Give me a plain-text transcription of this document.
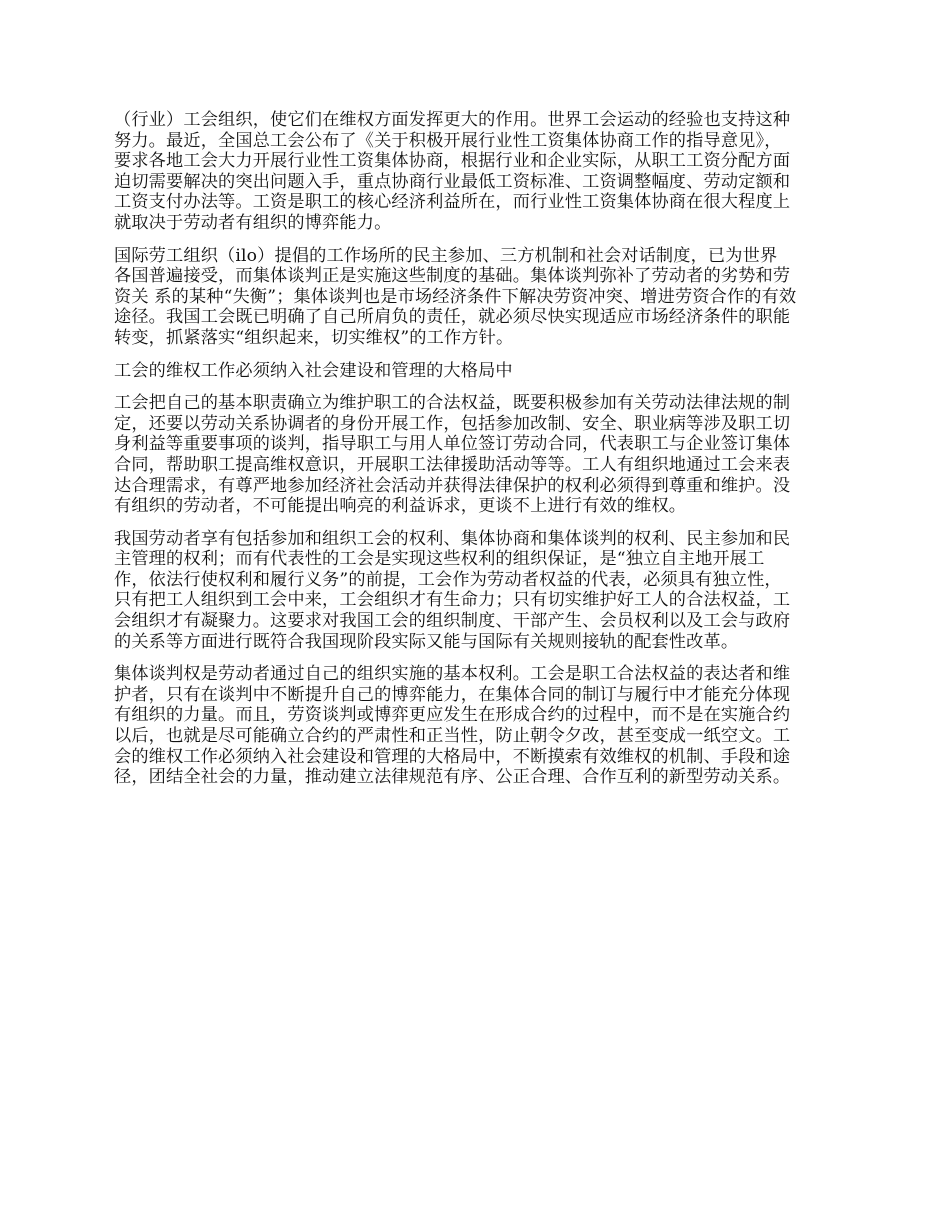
（行业）工会组织，使它们在维权方面发挥更大的作用。世界工会运动的经验也支持这种
努力。最近，全国总工会公布了《关于积极开展行业性工资集体协商工作的指导意见》，
要求各地工会大力开展行业性工资集体协商，根据行业和企业实际，从职工工资分配方面
迫切需要解决的突出问题入手，重点协商行业最低工资标准、工资调整幅度、劳动定额和
工资支付办法等。工资是职工的核心经济利益所在，而行业性工资集体协商在很大程度上
就取决于劳动者有组织的博弈能力。
国际劳工组织（ilo）提倡的工作场所的民主参加、三方机制和社会对话制度，已为世界
各国普遍接受，而集体谈判正是实施这些制度的基础。集体谈判弥补了劳动者的劣势和劳
资关 系的某种“失衡”；集体谈判也是市场经济条件下解决劳资冲突、增进劳资合作的有效
途径。我国工会既已明确了自己所肩负的责任，就必须尽快实现适应市场经济条件的职能
转变，抓紧落实“组织起来，切实维权”的工作方针。
工会的维权工作必须纳入社会建设和管理的大格局中
工会把自己的基本职责确立为维护职工的合法权益，既要积极参加有关劳动法律法规的制
定，还要以劳动关系协调者的身份开展工作，包括参加改制、安全、职业病等涉及职工切
身利益等重要事项的谈判，指导职工与用人单位签订劳动合同，代表职工与企业签订集体
合同，帮助职工提高维权意识，开展职工法律援助活动等等。工人有组织地通过工会来表
达合理需求，有尊严地参加经济社会活动并获得法律保护的权利必须得到尊重和维护。没
有组织的劳动者，不可能提出响亮的利益诉求，更谈不上进行有效的维权。
我国劳动者享有包括参加和组织工会的权利、集体协商和集体谈判的权利、民主参加和民
主管理的权利；而有代表性的工会是实现这些权利的组织保证，是“独立自主地开展工
作，依法行使权利和履行义务”的前提，工会作为劳动者权益的代表，必须具有独立性，
只有把工人组织到工会中来，工会组织才有生命力；只有切实维护好工人的合法权益，工
会组织才有凝聚力。这要求对我国工会的组织制度、干部产生、会员权利以及工会与政府
的关系等方面进行既符合我国现阶段实际又能与国际有关规则接轨的配套性改革。
集体谈判权是劳动者通过自己的组织实施的基本权利。工会是职工合法权益的表达者和维
护者，只有在谈判中不断提升自己的博弈能力，在集体合同的制订与履行中才能充分体现
有组织的力量。而且，劳资谈判或博弈更应发生在形成合约的过程中，而不是在实施合约
以后，也就是尽可能确立合约的严肃性和正当性，防止朝令夕改，甚至变成一纸空文。工
会的维权工作必须纳入社会建设和管理的大格局中，不断摸索有效维权的机制、手段和途
径，团结全社会的力量，推动建立法律规范有序、公正合理、合作互利的新型劳动关系。
